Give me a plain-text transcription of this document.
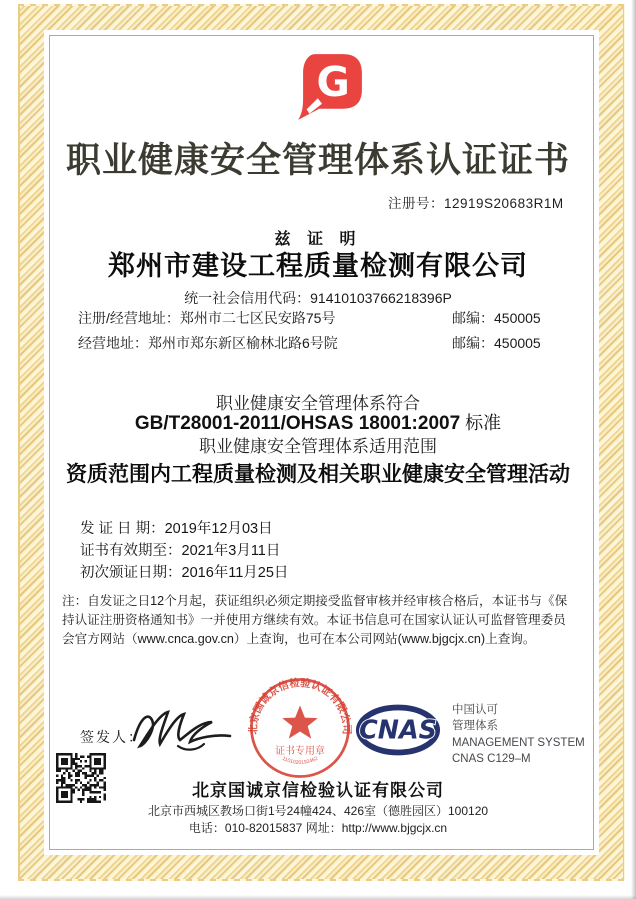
G
职业健康安全管理体系认证证书
注册号：12919S20683R1M
兹 证 明
郑州市建设工程质量检测有限公司
统一社会信用代码：91410103766218396P
注册/经营地址：郑州市二七区民安路75号	邮编：450005
经营地址：郑州市郑东新区榆林北路6号院	邮编：450005
职业健康安全管理体系符合
GB/T28001-2011/OHSAS 18001:2007 标准
职业健康安全管理体系适用范围
资质范围内工程质量检测及相关职业健康安全管理活动
发 证 日 期：2019年12月03日
证书有效期至：2021年3月11日
初次颁证日期：2016年11月25日
注：自发证之日12个月起，获证组织必须定期接受监督审核并经审核合格后，本证书与《保持认证注册资格通知书》一并使用方继续有效。本证书信息可在国家认证认可监督管理委员会官方网站（www.cnca.gov.cn）上查询，也可在本公司网站(www.bjgcjx.cn)上查询。
签发人：	北京国诚京信检验认证有限公司
证书专用章
1101020192462
CNAS
中国认可
管理体系
MANAGEMENT SYSTEM
CNAS C129–M
北京国诚京信检验认证有限公司
北京市西城区教场口街1号24幢424、426室（德胜园区）100120
电话：010-82015837 网址：http://www.bjgcjx.cn
